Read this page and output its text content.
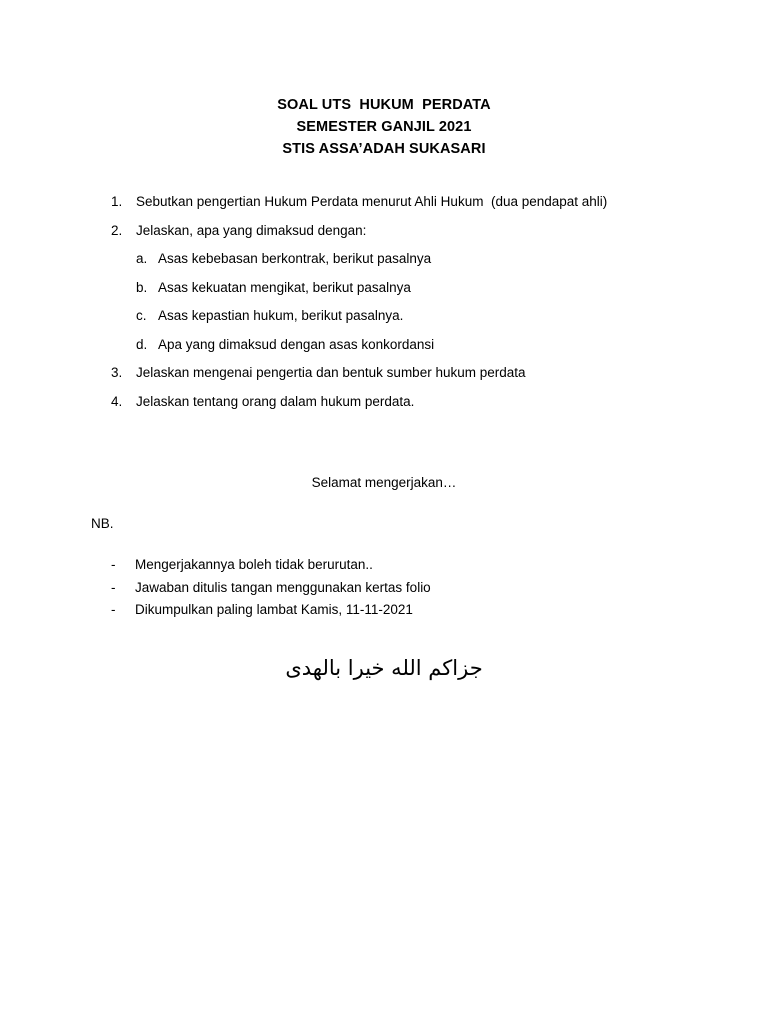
SOAL UTS  HUKUM  PERDATA
SEMESTER GANJIL 2021
STIS ASSA’ADAH SUKASARI

1.

Sebutkan pengertian Hukum Perdata menurut Ahli Hukum  (dua pendapat ahli)

2.

Jelaskan, apa yang dimaksud dengan:

a.

Asas kebebasan berkontrak, berikut pasalnya

b.

Asas kekuatan mengikat, berikut pasalnya

c.

Asas kepastian hukum, berikut pasalnya.

d.

Apa yang dimaksud dengan asas konkordansi

3.

Jelaskan mengenai pengertia dan bentuk sumber hukum perdata

4.

Jelaskan tentang orang dalam hukum perdata.

Selamat mengerjakan…
NB.

-

Mengerjakannya boleh tidak berurutan..

-

Jawaban ditulis tangan menggunakan kertas folio

-

Dikumpulkan paling lambat Kamis, 11-11-2021

جزاكم الله خيرا بالهدى
